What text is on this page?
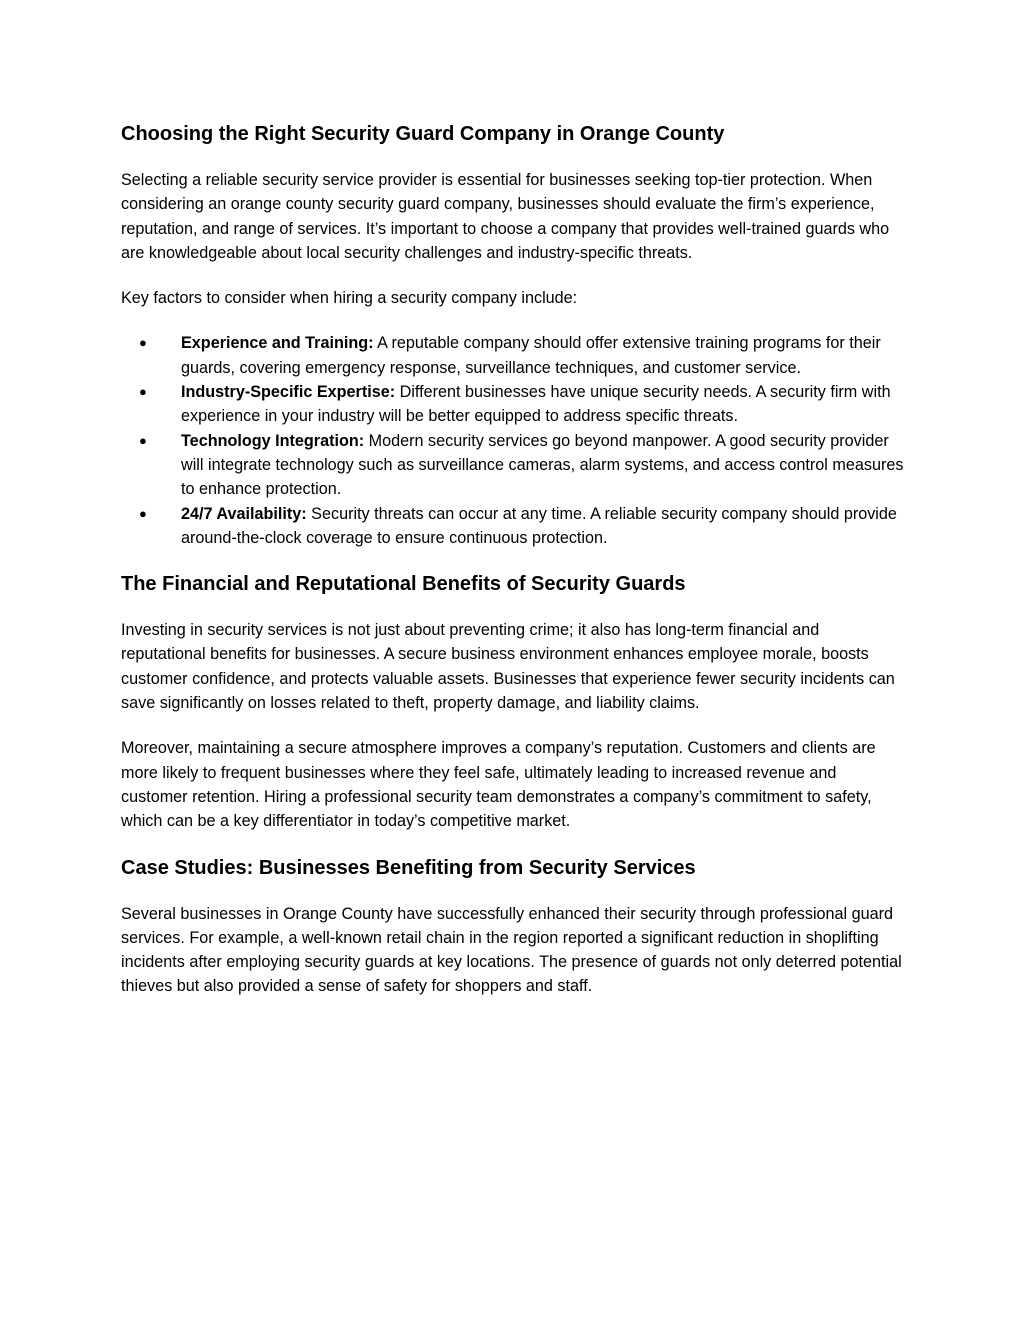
Choosing the Right Security Guard Company in Orange County

Selecting a reliable security service provider is essential for businesses seeking top-tier protection. When considering an orange county security guard company, businesses should evaluate the firm’s experience, reputation, and range of services. It’s important to choose a company that provides well-trained guards who are knowledgeable about local security challenges and industry-specific threats.

Key factors to consider when hiring a security company include:

● Experience and Training: A reputable company should offer extensive training programs for their guards, covering emergency response, surveillance techniques, and customer service.
● Industry-Specific Expertise: Different businesses have unique security needs. A security firm with experience in your industry will be better equipped to address specific threats.
● Technology Integration: Modern security services go beyond manpower. A good security provider will integrate technology such as surveillance cameras, alarm systems, and access control measures to enhance protection.
● 24/7 Availability: Security threats can occur at any time. A reliable security company should provide around-the-clock coverage to ensure continuous protection.
The Financial and Reputational Benefits of Security Guards

Investing in security services is not just about preventing crime; it also has long-term financial and reputational benefits for businesses. A secure business environment enhances employee morale, boosts customer confidence, and protects valuable assets. Businesses that experience fewer security incidents can save significantly on losses related to theft, property damage, and liability claims.

Moreover, maintaining a secure atmosphere improves a company’s reputation. Customers and clients are more likely to frequent businesses where they feel safe, ultimately leading to increased revenue and customer retention. Hiring a professional security team demonstrates a company’s commitment to safety, which can be a key differentiator in today’s competitive market.

Case Studies: Businesses Benefiting from Security Services

Several businesses in Orange County have successfully enhanced their security through professional guard services. For example, a well-known retail chain in the region reported a significant reduction in shoplifting incidents after employing security guards at key locations. The presence of guards not only deterred potential thieves but also provided a sense of safety for shoppers and staff.
